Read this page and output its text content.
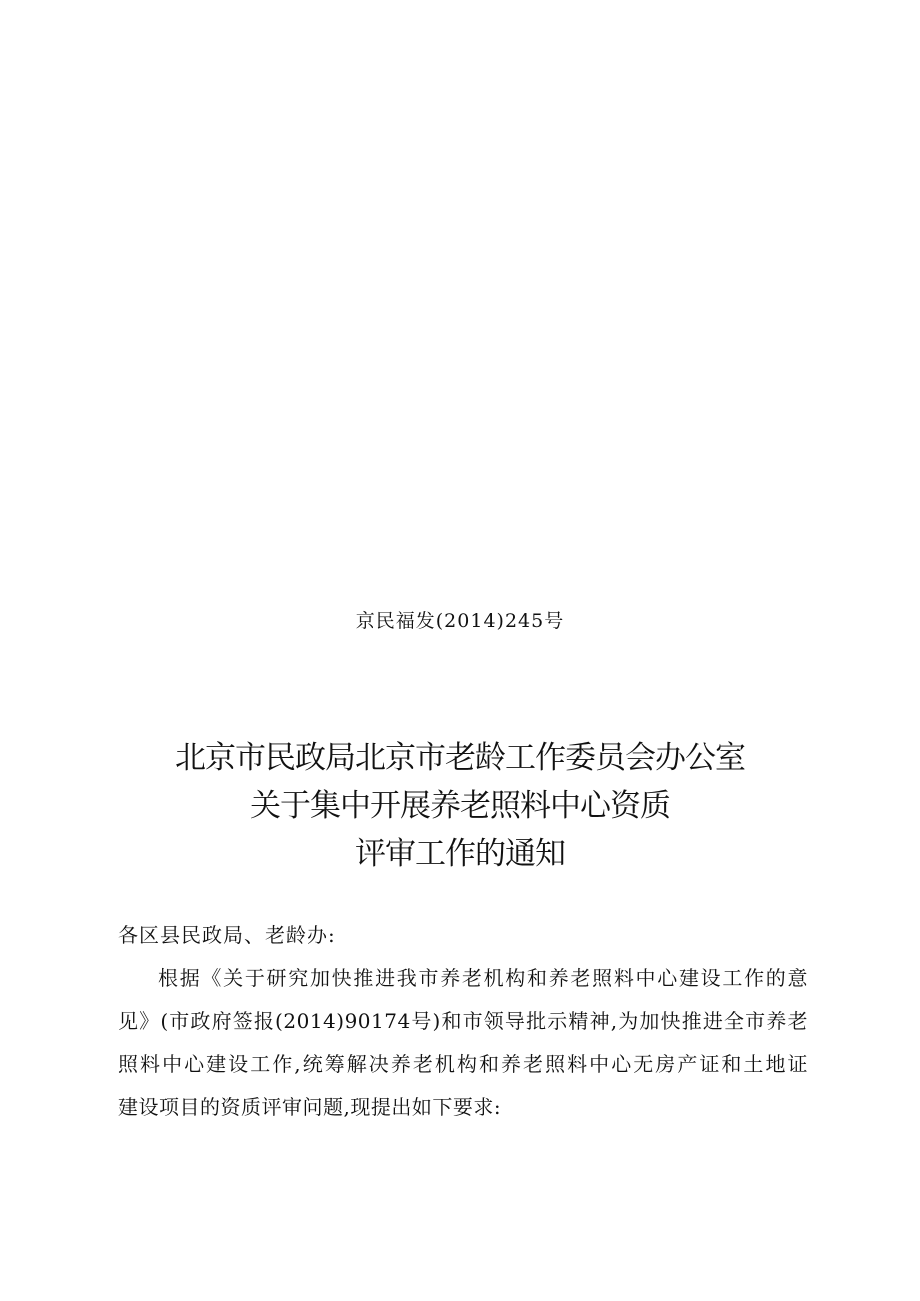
京民福发(2014)245号
北京市民政局北京市老龄工作委员会办公室
关于集中开展养老照料中心资质
评审工作的通知
各区县民政局、老龄办:
根据《关于研究加快推进我市养老机构和养老照料中心建设工作的意
见》(市政府签报(2014)90174号)和市领导批示精神,为加快推进全市养老
照料中心建设工作,统筹解决养老机构和养老照料中心无房产证和土地证
建设项目的资质评审问题,现提出如下要求:
